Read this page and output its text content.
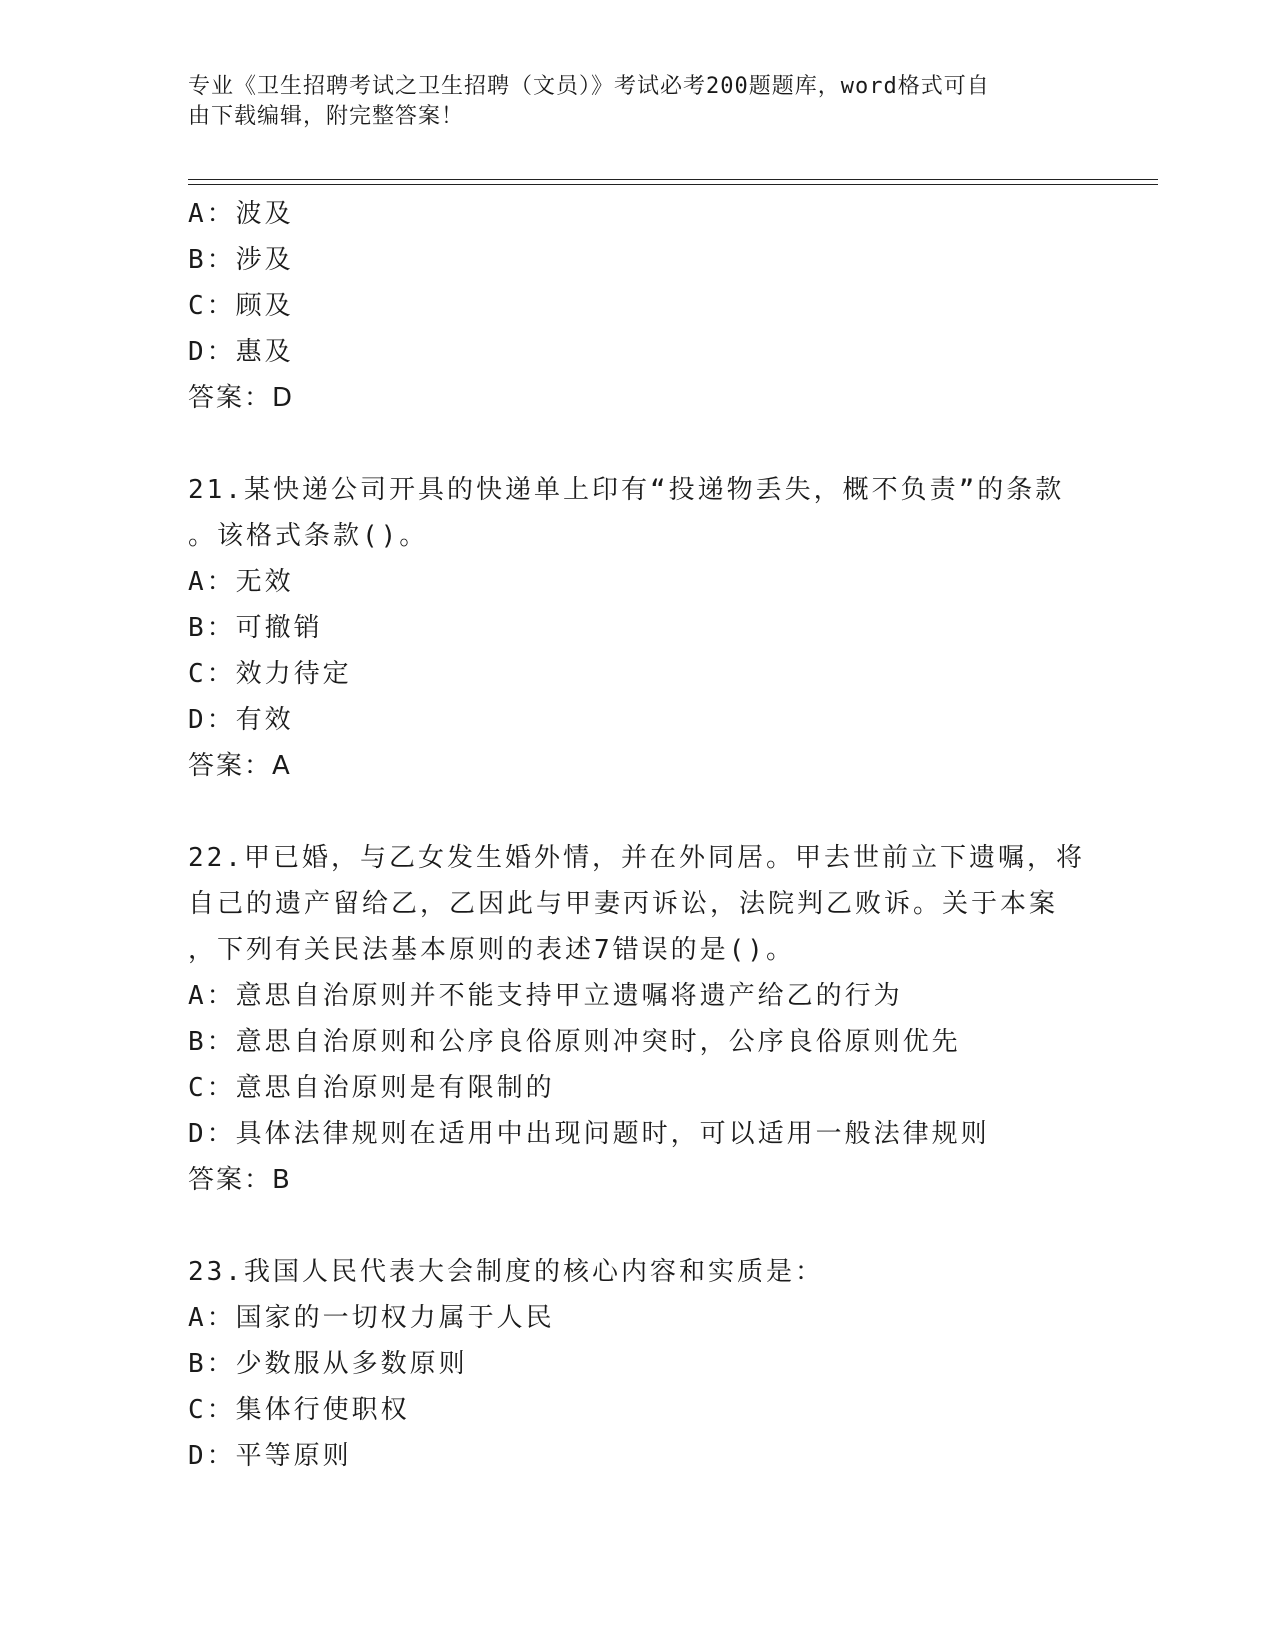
专业《卫生招聘考试之卫生招聘（文员）》考试必考200题题库，word格式可自
由下载编辑，附完整答案！
A：波及
B：涉及
C：顾及
D：惠及
答案：D
21.某快递公司开具的快递单上印有“投递物丢失，概不负责”的条款
。该格式条款()。
A：无效
B：可撤销
C：效力待定
D：有效
答案：A
22.甲已婚，与乙女发生婚外情，并在外同居。甲去世前立下遗嘱，将
自己的遗产留给乙，乙因此与甲妻丙诉讼，法院判乙败诉。关于本案
，下列有关民法基本原则的表述7错误的是()。
A：意思自治原则并不能支持甲立遗嘱将遗产给乙的行为
B：意思自治原则和公序良俗原则冲突时，公序良俗原则优先
C：意思自治原则是有限制的
D：具体法律规则在适用中出现问题时，可以适用一般法律规则
答案：B
23.我国人民代表大会制度的核心内容和实质是：
A：国家的一切权力属于人民
B：少数服从多数原则
C：集体行使职权
D：平等原则
